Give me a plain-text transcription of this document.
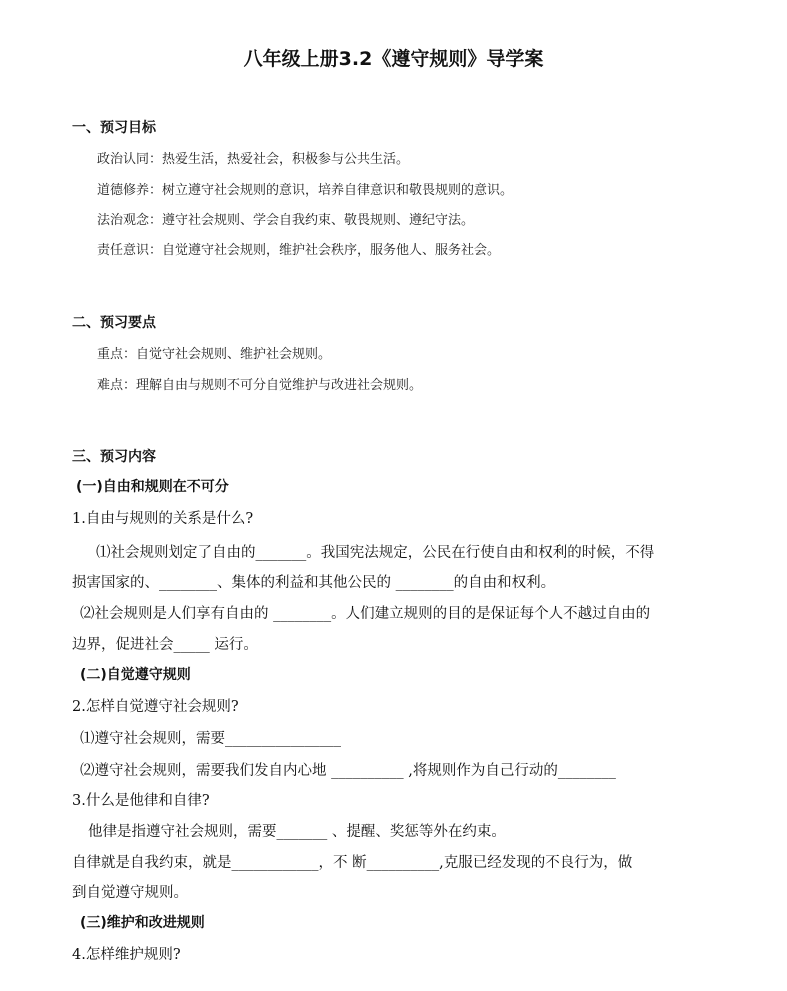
八年级上册3.2《遵守规则》导学案
一、预习目标
政治认同：热爱生活，热爱社会，积极参与公共生活。
道德修养：树立遵守社会规则的意识，培养自律意识和敬畏规则的意识。
法治观念：遵守社会规则、学会自我约束、敬畏规则、遵纪守法。
责任意识：自觉遵守社会规则，维护社会秩序，服务他人、服务社会。
二、预习要点
重点：自觉守社会规则、维护社会规则。
难点：理解自由与规则不可分自觉维护与改进社会规则。
三、预习内容
(一)自由和规则在不可分
1.自由与规则的关系是什么?
⑴社会规则划定了自由的_______。我国宪法规定，公民在行使自由和权利的时候，不得
损害国家的、________、集体的利益和其他公民的 ________的自由和权利。
⑵社会规则是人们享有自由的 ________。人们建立规则的目的是保证每个人不越过自由的
边界，促进社会_____ 运行。
(二)自觉遵守规则
2.怎样自觉遵守社会规则?
⑴遵守社会规则，需要________________
⑵遵守社会规则，需要我们发自内心地 __________ ,将规则作为自己行动的________
3.什么是他律和自律?
他律是指遵守社会规则，需要_______ 、提醒、奖惩等外在约束。
自律就是自我约束，就是____________，不 断__________,克服已经发现的不良行为，做
到自觉遵守规则。
(三)维护和改进规则
4.怎样维护规则?
